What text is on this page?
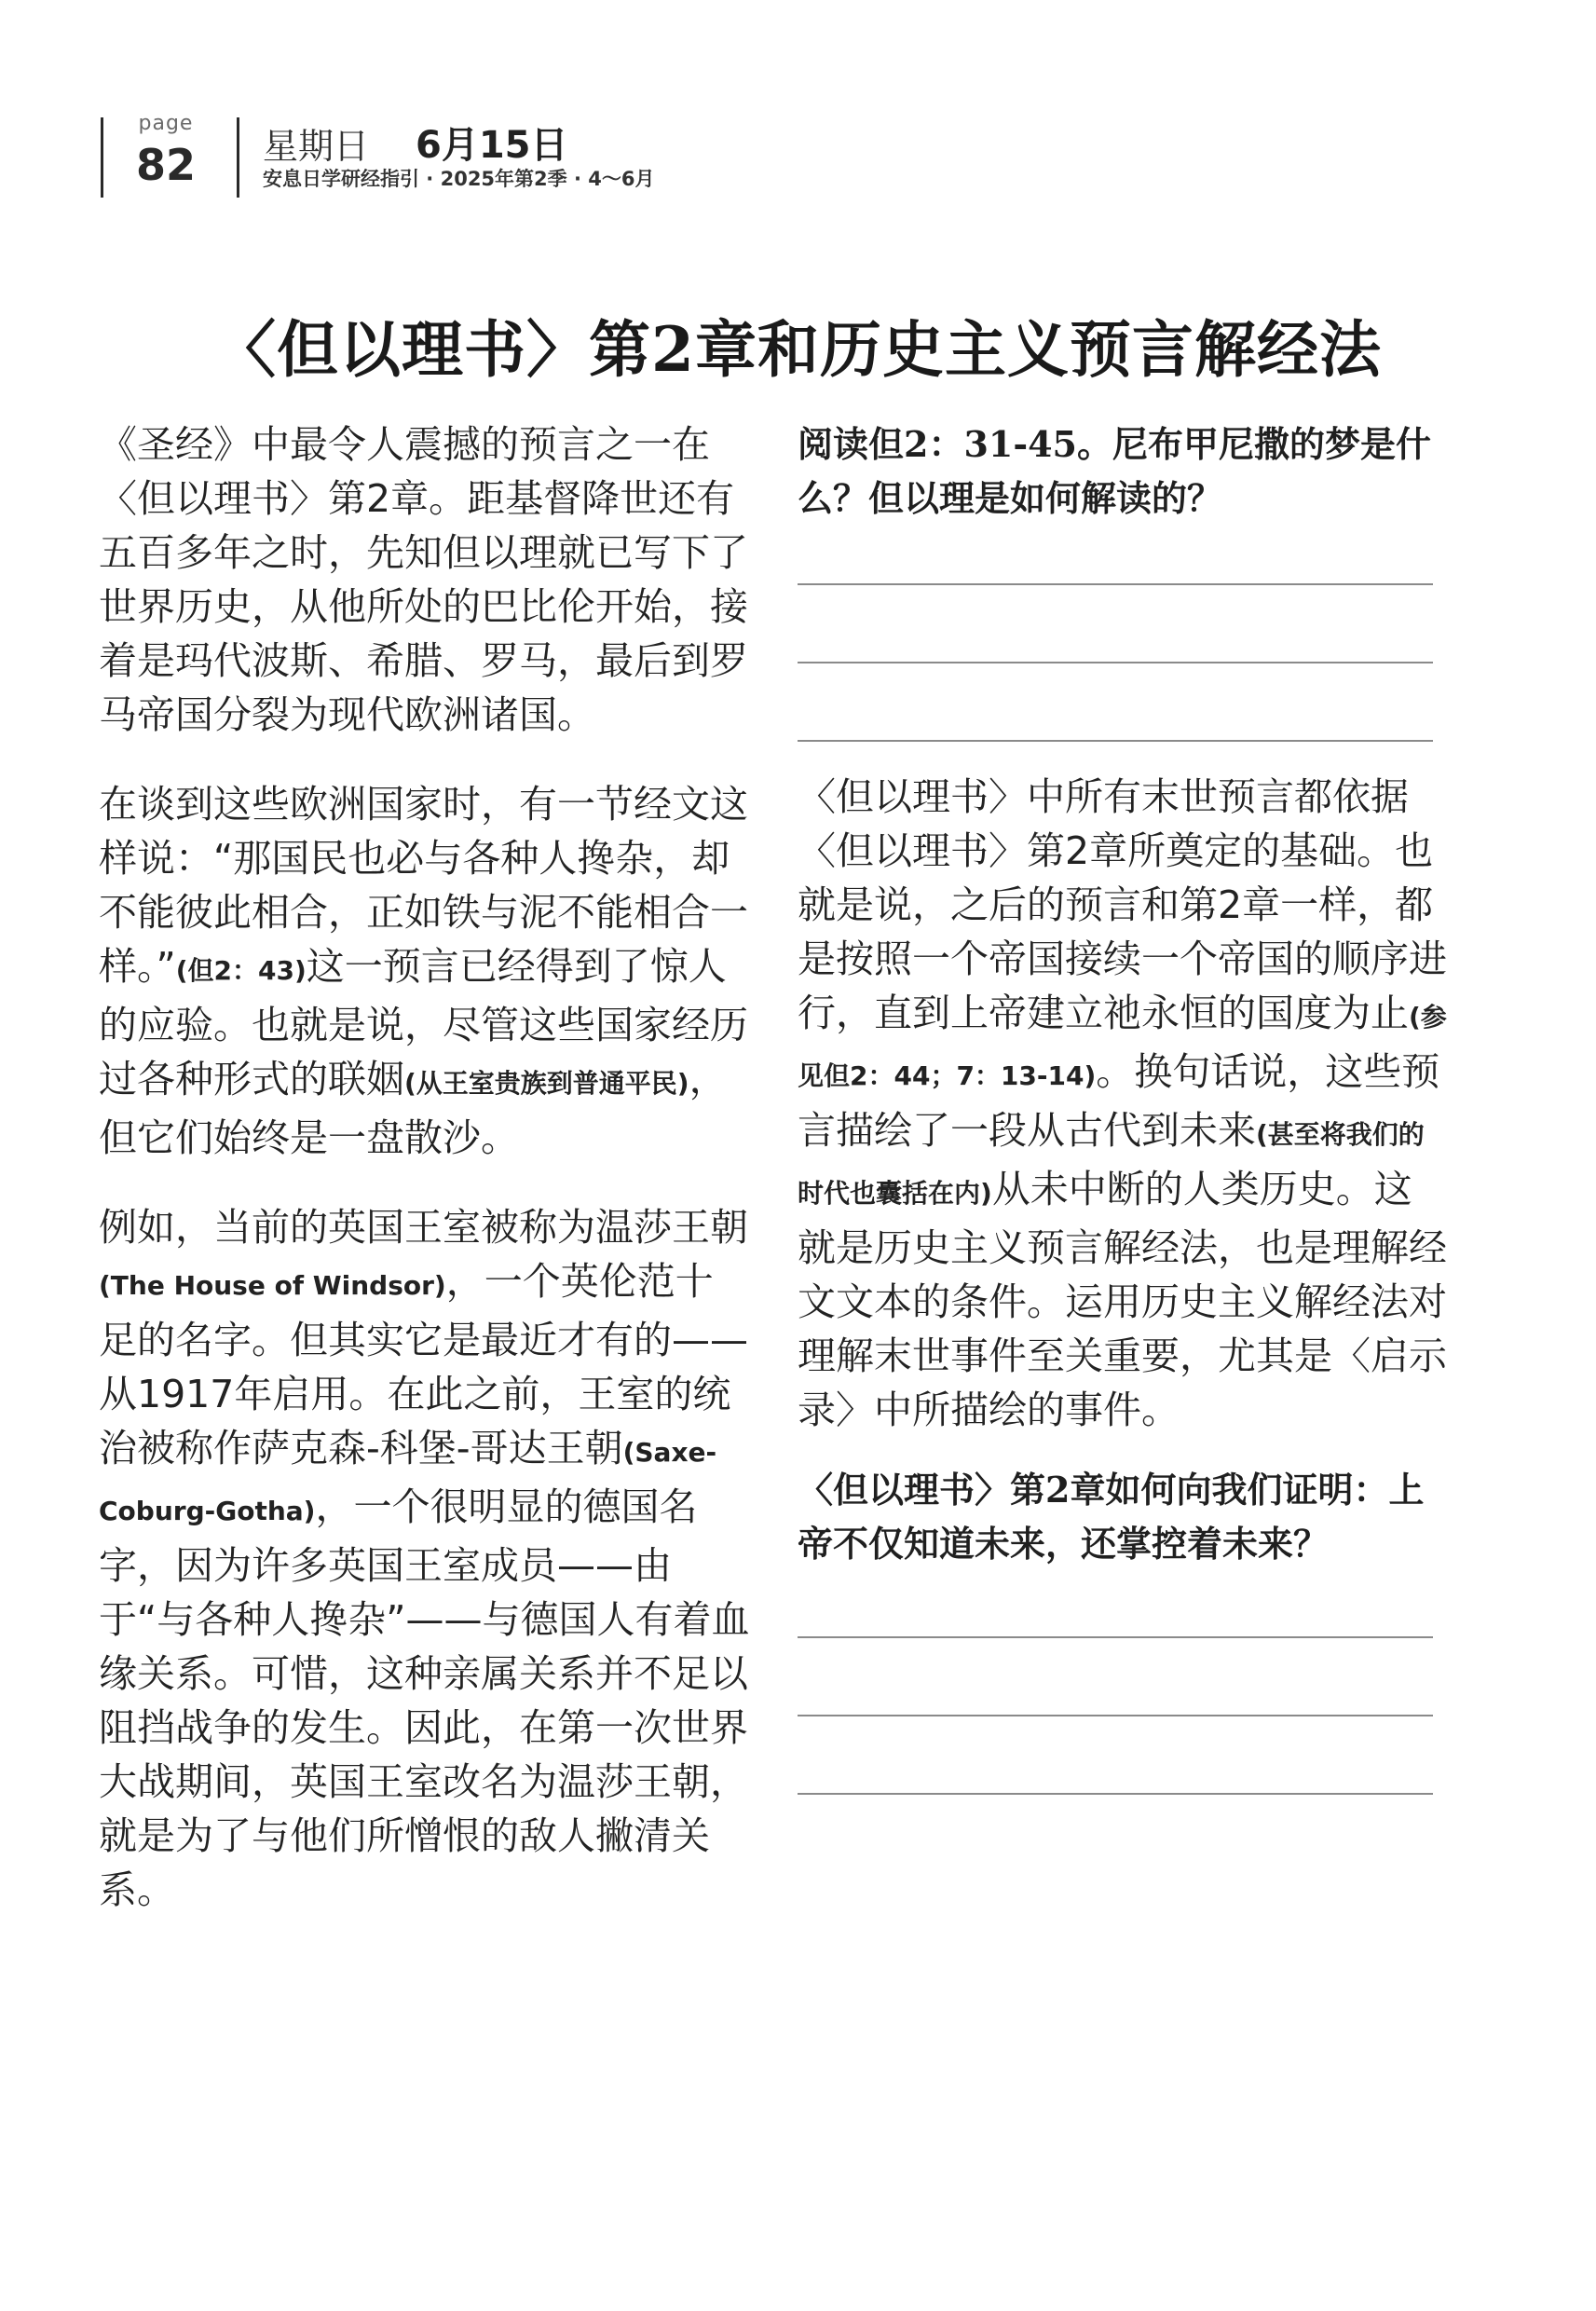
page
82	星期日 6月15日
安息日学研经指引 · 2025年第2季 · 4～6月
〈但以理书〉第2章和历史主义预言解经法

《圣经》中最令人震撼的预言之一在〈但以理书〉第2章。距基督降世还有五百多年之时，先知但以理就已写下了世界历史，从他所处的巴比伦开始，接着是玛代波斯、希腊、罗马，最后到罗马帝国分裂为现代欧洲诸国。

在谈到这些欧洲国家时，有一节经文这样说：“那国民也必与各种人搀杂，却不能彼此相合，正如铁与泥不能相合一样。”(但2：43)这一预言已经得到了惊人的应验。也就是说，尽管这些国家经历过各种形式的联姻(从王室贵族到普通平民)，但它们始终是一盘散沙。

例如，当前的英国王室被称为温莎王朝(The House of Windsor)，一个英伦范十足的名字。但其实它是最近才有的——从1917年启用。在此之前，王室的统治被称作萨克森-科堡-哥达王朝(Saxe-Coburg-Gotha)，一个很明显的德国名字，因为许多英国王室成员——由于“与各种人搀杂”——与德国人有着血缘关系。可惜，这种亲属关系并不足以阻挡战争的发生。因此，在第一次世界大战期间，英国王室改名为温莎王朝，就是为了与他们所憎恨的敌人撇清关系。

阅读但2：31-45。尼布甲尼撒的梦是什么？但以理是如何解读的？

〈但以理书〉中所有末世预言都依据〈但以理书〉第2章所奠定的基础。也就是说，之后的预言和第2章一样，都是按照一个帝国接续一个帝国的顺序进行，直到上帝建立祂永恒的国度为止(参见但2：44；7：13-14)。换句话说，这些预言描绘了一段从古代到未来(甚至将我们的时代也囊括在内)从未中断的人类历史。这就是历史主义预言解经法，也是理解经文文本的条件。运用历史主义解经法对理解末世事件至关重要，尤其是〈启示录〉中所描绘的事件。

〈但以理书〉第2章如何向我们证明：上帝不仅知道未来，还掌控着未来？
